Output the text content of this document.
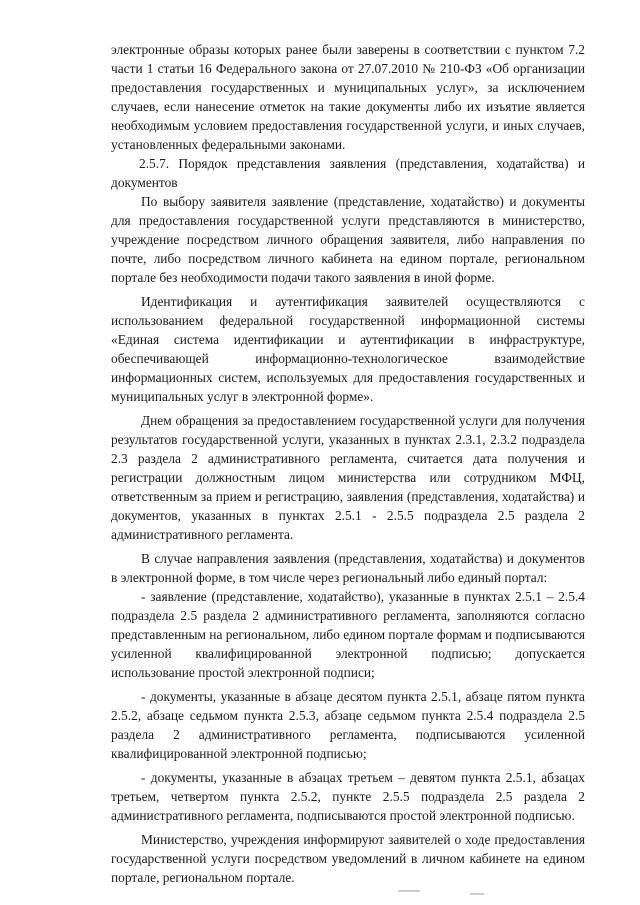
электронные образы которых ранее были заверены в соответствии с пунктом 7.2 части 1 статьи 16 Федерального закона от 27.07.2010 № 210-ФЗ «Об организации предоставления государственных и муниципальных услуг», за исключением случаев, если нанесение отметок на такие документы либо их изъятие является необходимым условием предоставления государственной услуги, и иных случаев, установленных федеральными законами.

2.5.7. Порядок представления заявления (представления, ходатайства) и документов

По выбору заявителя заявление (представление, ходатайство) и документы для предоставления государственной услуги представляются в министерство, учреждение посредством личного обращения заявителя, либо направления по почте, либо посредством личного кабинета на едином портале, региональном портале без необходимости подачи такого заявления в иной форме.

Идентификация и аутентификация заявителей осуществляются с использованием федеральной государственной информационной системы «Единая система идентификации и аутентификации в инфраструктуре, обеспечивающей информационно-технологическое взаимодействие информационных систем, используемых для предоставления государственных и муниципальных услуг в электронной форме».

Днем обращения за предоставлением государственной услуги для получения результатов государственной услуги, указанных в пунктах 2.3.1, 2.3.2 подраздела 2.3 раздела 2 административного регламента, считается дата получения и регистрации должностным лицом министерства или сотрудником МФЦ, ответственным за прием и регистрацию, заявления (представления, ходатайства) и документов, указанных в пунктах 2.5.1 - 2.5.5 подраздела 2.5 раздела 2 административного регламента.

В случае направления заявления (представления, ходатайства) и документов в электронной форме, в том числе через региональный либо единый портал:

- заявление (представление, ходатайство), указанные в пунктах 2.5.1 – 2.5.4 подраздела 2.5 раздела 2 административного регламента, заполняются согласно представленным на региональном, либо едином портале формам и подписываются усиленной квалифицированной электронной подписью; допускается использование простой электронной подписи;

- документы, указанные в абзаце десятом пункта 2.5.1, абзаце пятом пункта 2.5.2, абзаце седьмом пункта 2.5.3, абзаце седьмом пункта 2.5.4 подраздела 2.5 раздела 2 административного регламента, подписываются усиленной квалифицированной электронной подписью;

- документы, указанные в абзацах третьем – девятом пункта 2.5.1, абзацах третьем, четвертом пункта 2.5.2, пункте 2.5.5 подраздела 2.5 раздела 2 административного регламента, подписываются простой электронной подписью.

Министерство, учреждения информируют заявителей о ходе предоставления государственной услуги посредством уведомлений в личном кабинете на едином портале, региональном портале.
